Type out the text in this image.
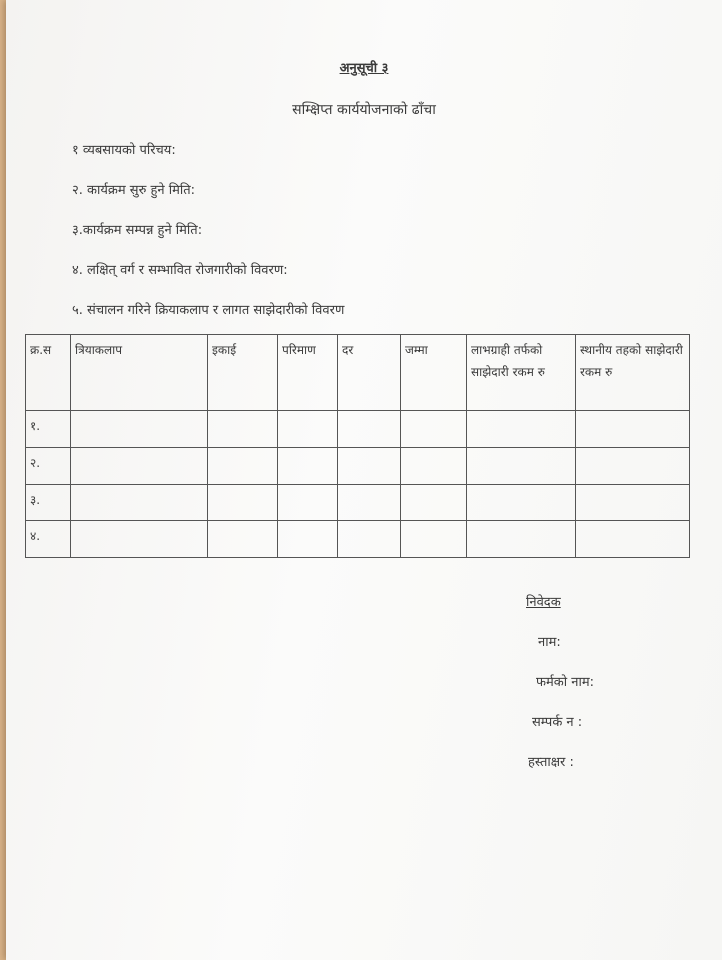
अनुसूची ३
सम्क्षिप्त कार्ययोजनाको ढाँचा
१ व्यबसायको परिचय:
२. कार्यक्रम सुरु हुने मिति:
३.कार्यक्रम सम्पन्न हुने मिति:
४. लक्षित् वर्ग र सम्भावित रोजगारीको विवरण:
५. संचालन गरिने क्रियाकलाप र लागत साझेदारीको विवरण
क्र.स	त्रियाकलाप	इकाई	परिमाण	दर	जम्मा	लाभग्राही तर्फको साझेदारी रकम रु	स्थानीय तहको साझेदारी रकम रु
१.							
२.							
३.							
४.							
निवेदक
नाम:
फर्मको नाम:
सम्पर्क न :
हस्ताक्षर :
